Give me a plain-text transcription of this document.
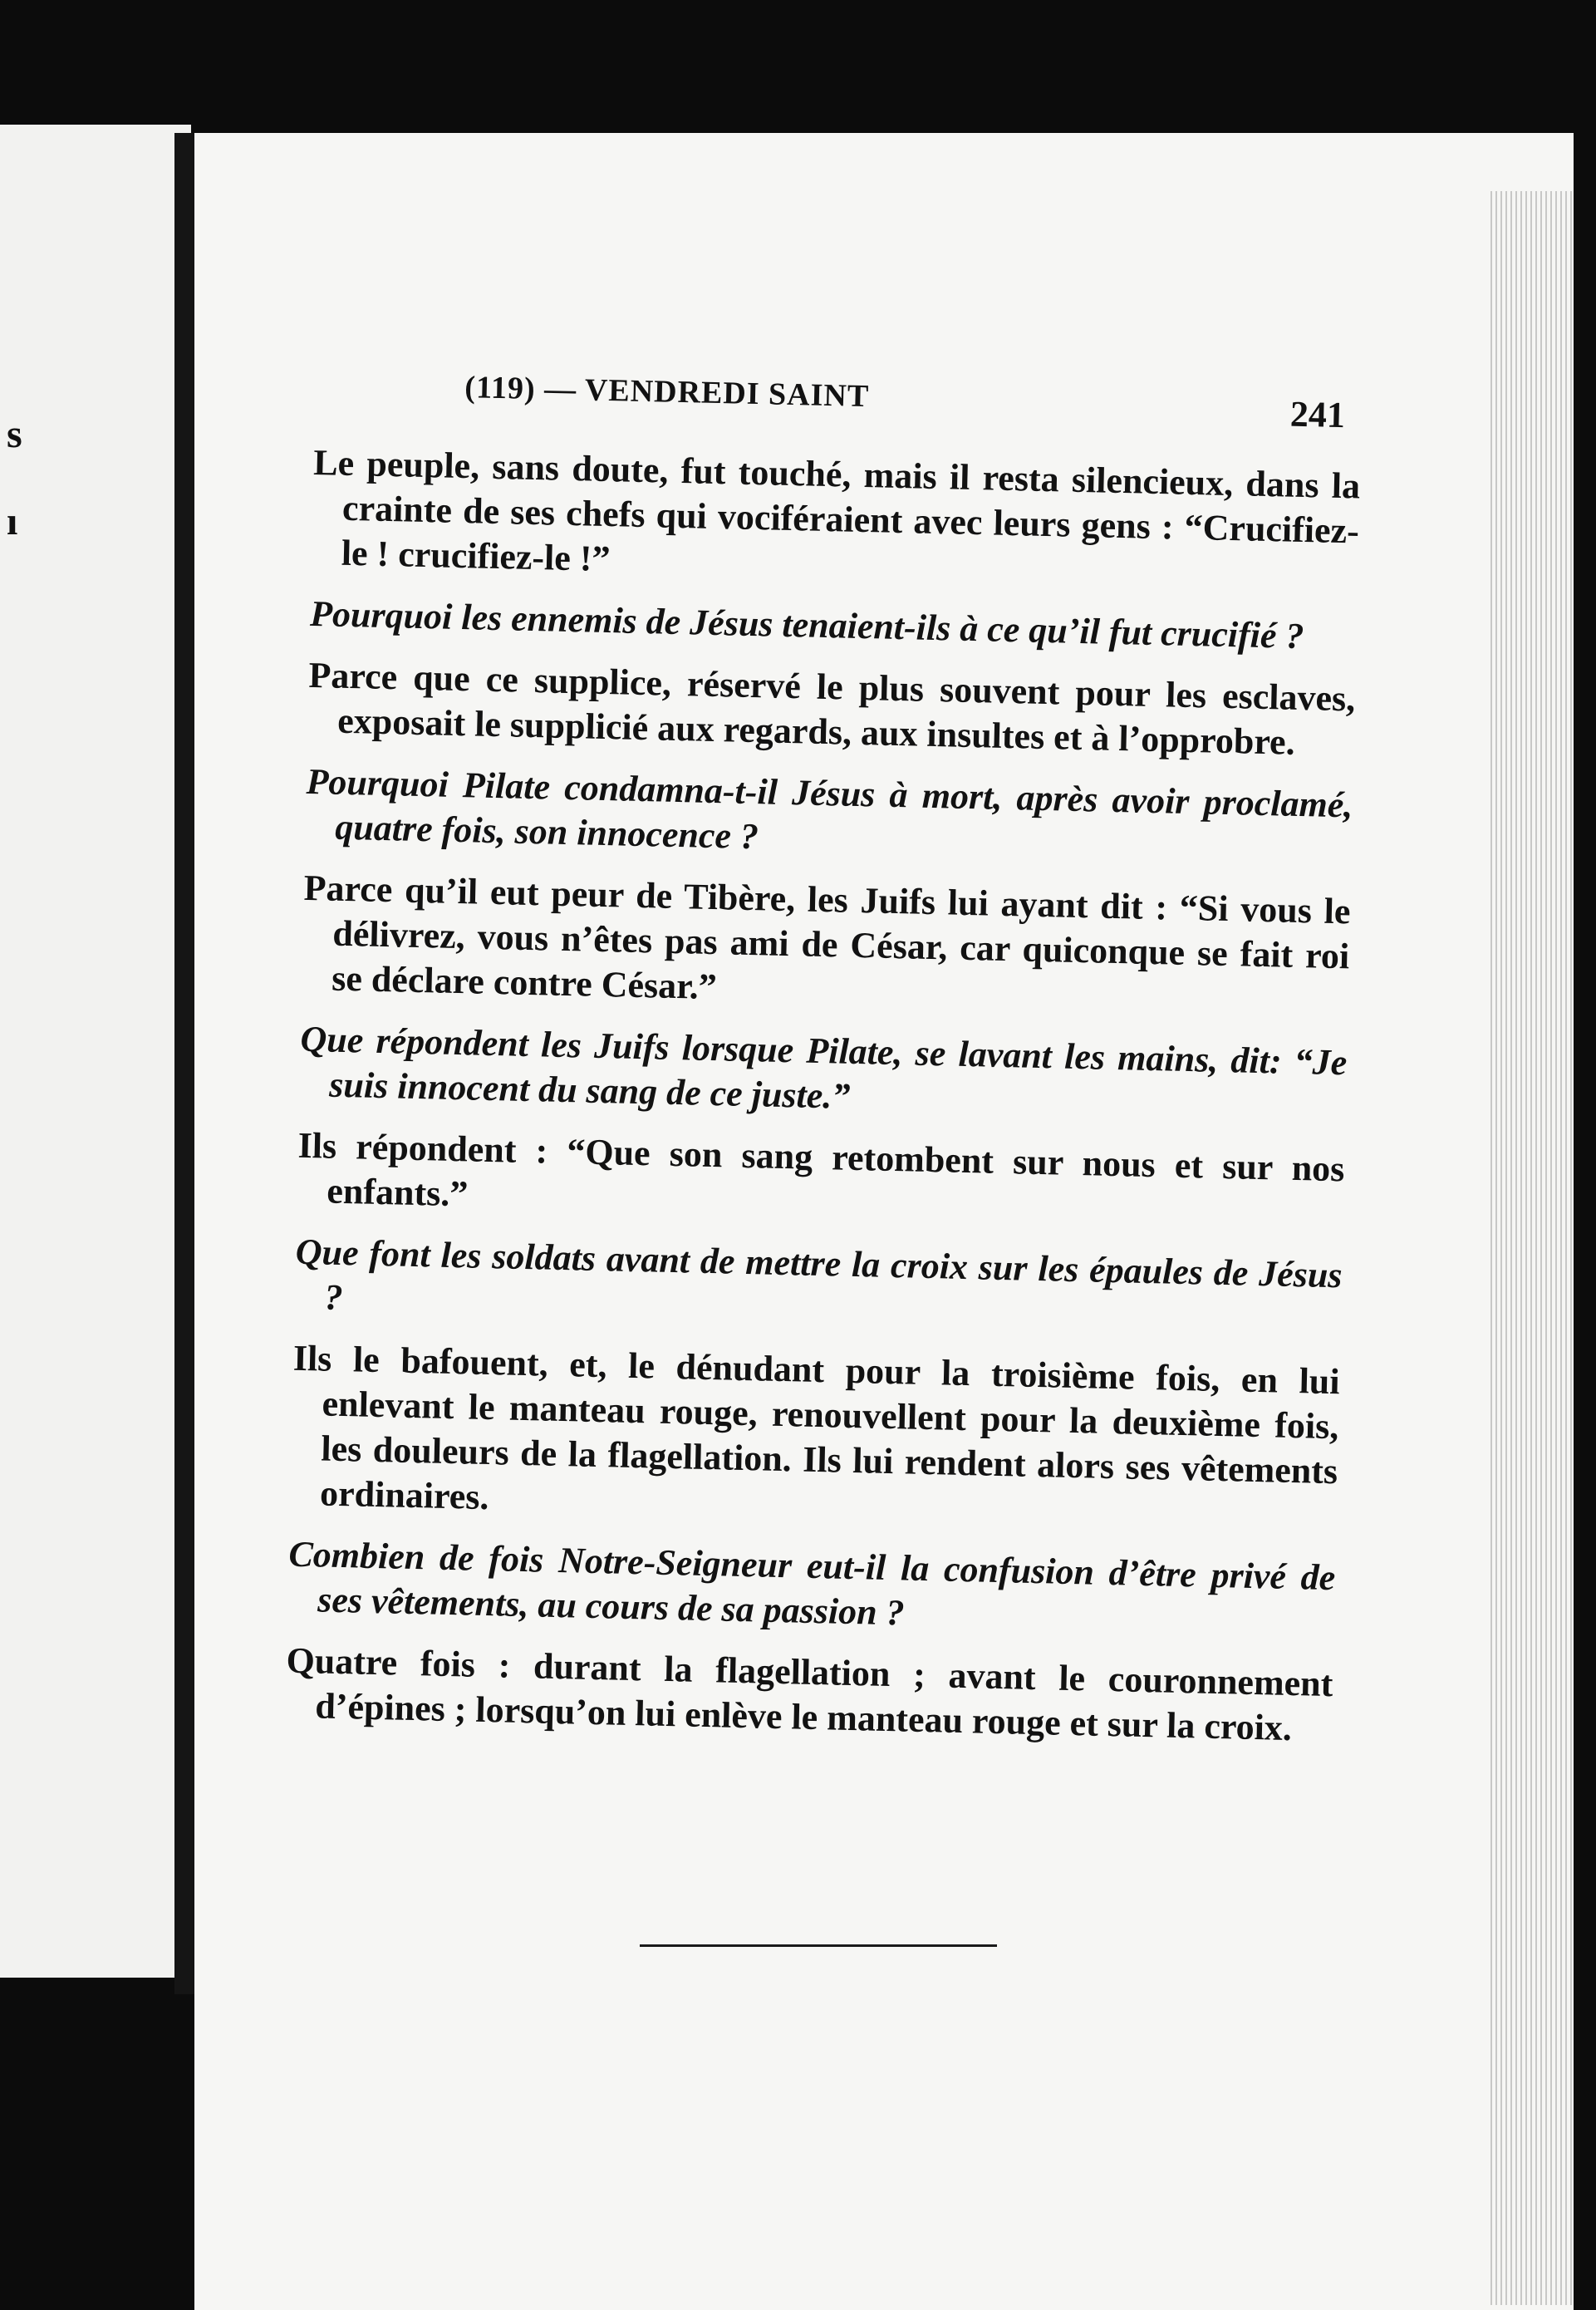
s
ı
(119) — VENDREDI SAINT
241

Le peuple, sans doute, fut touché, mais il resta silencieux, dans la crainte de ses chefs qui vociféraient avec leurs gens : “Crucifiez-le ! crucifiez-le !”

Pourquoi les ennemis de Jésus tenaient-ils à ce qu’il fut crucifié ?

Parce que ce supplice, réservé le plus souvent pour les esclaves, exposait le supplicié aux regards, aux insultes et à l’opprobre.

Pourquoi Pilate condamna-t-il Jésus à mort, après avoir proclamé, quatre fois, son innocence ?

Parce qu’il eut peur de Tibère, les Juifs lui ayant dit : “Si vous le délivrez, vous n’êtes pas ami de César, car quiconque se fait roi se déclare contre César.”

Que répondent les Juifs lorsque Pilate, se lavant les mains, dit: “Je suis innocent du sang de ce juste.”

Ils répondent : “Que son sang retombent sur nous et sur nos enfants.”

Que font les soldats avant de mettre la croix sur les épaules de Jésus ?

Ils le bafouent, et, le dénudant pour la troisième fois, en lui enlevant le manteau rouge, renouvellent pour la deuxième fois, les douleurs de la flagellation. Ils lui rendent alors ses vêtements ordinaires.

Combien de fois Notre-Seigneur eut-il la confusion d’être privé de ses vêtements, au cours de sa passion ?

Quatre fois : durant la flagellation ; avant le couronnement d’épines ; lorsqu’on lui enlève le manteau rouge et sur la croix.
